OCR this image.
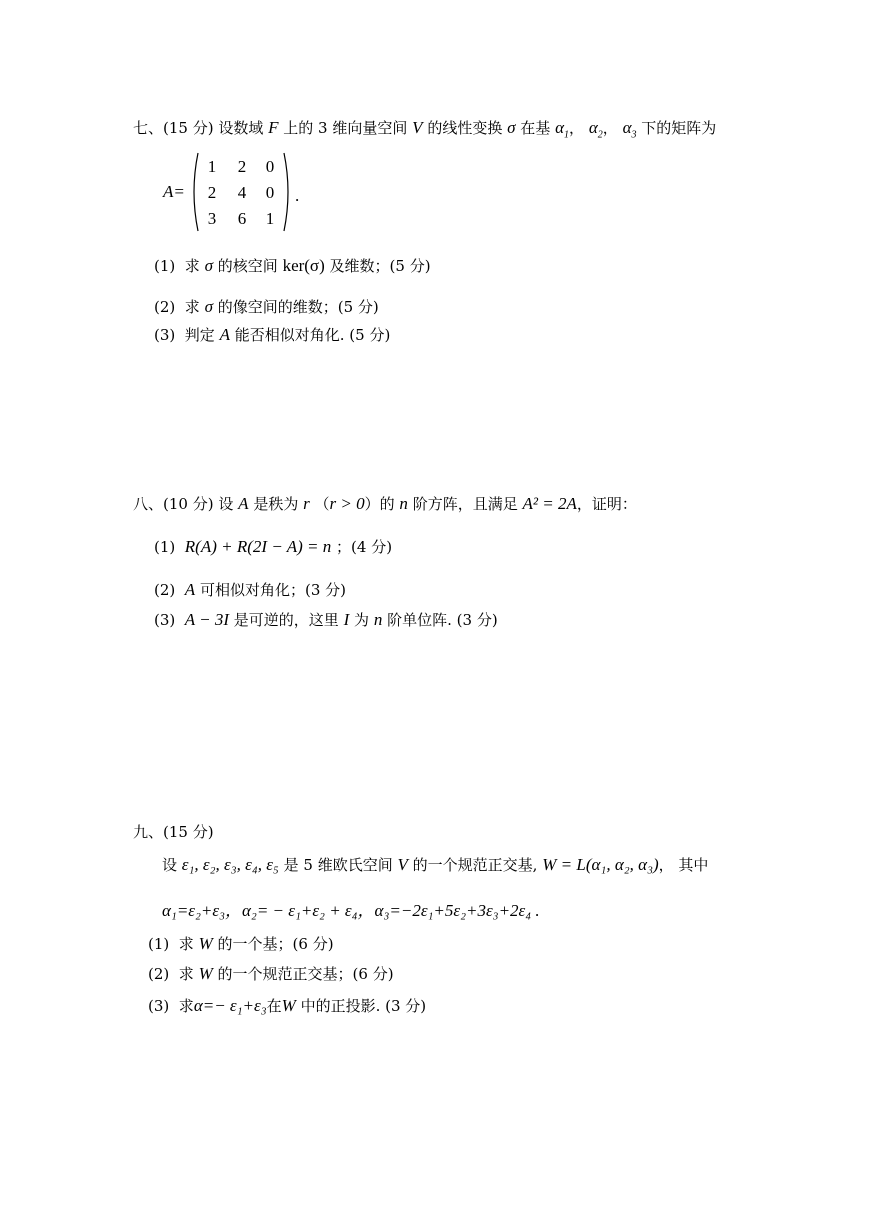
七、(15 分) 设数域 F 上的 3 维向量空间 V 的线性变换 σ 在基 $\alpha_1$， $\alpha_2$， $\alpha_3$ 下的矩阵为
A=
1	2	0
2	4	0
3	6	1
.
(1) 求 σ 的核空间 ker(σ) 及维数；(5 分)
(2) 求 σ 的像空间的维数；(5 分)
(3) 判定 A 能否相似对角化. (5 分)
八、(10 分) 设 A 是秩为 r （r > 0）的 n 阶方阵，且满足 A² = 2A，证明：
(1) R(A) + R(2I − A) = n ；(4 分)
(2) A 可相似对角化；(3 分)
(3) A − 3I 是可逆的，这里 I 为 n 阶单位阵. (3 分)
九、(15 分)
设 ε₁, ε₂, ε₃, ε₄, ε₅ 是 5 维欧氏空间 V 的一个规范正交基, W = L(α₁, α₂, α₃)， 其中
α₁=ε₂+ε₃，α₂= − ε₁+ε₂ + ε₄，α₃=−2ε₁+5ε₂+3ε₃+2ε₄ .
(1) 求 W 的一个基；(6 分)
(2) 求 W 的一个规范正交基；(6 分)
(3) 求α=− ε₁+ε₃在W 中的正投影. (3 分)
